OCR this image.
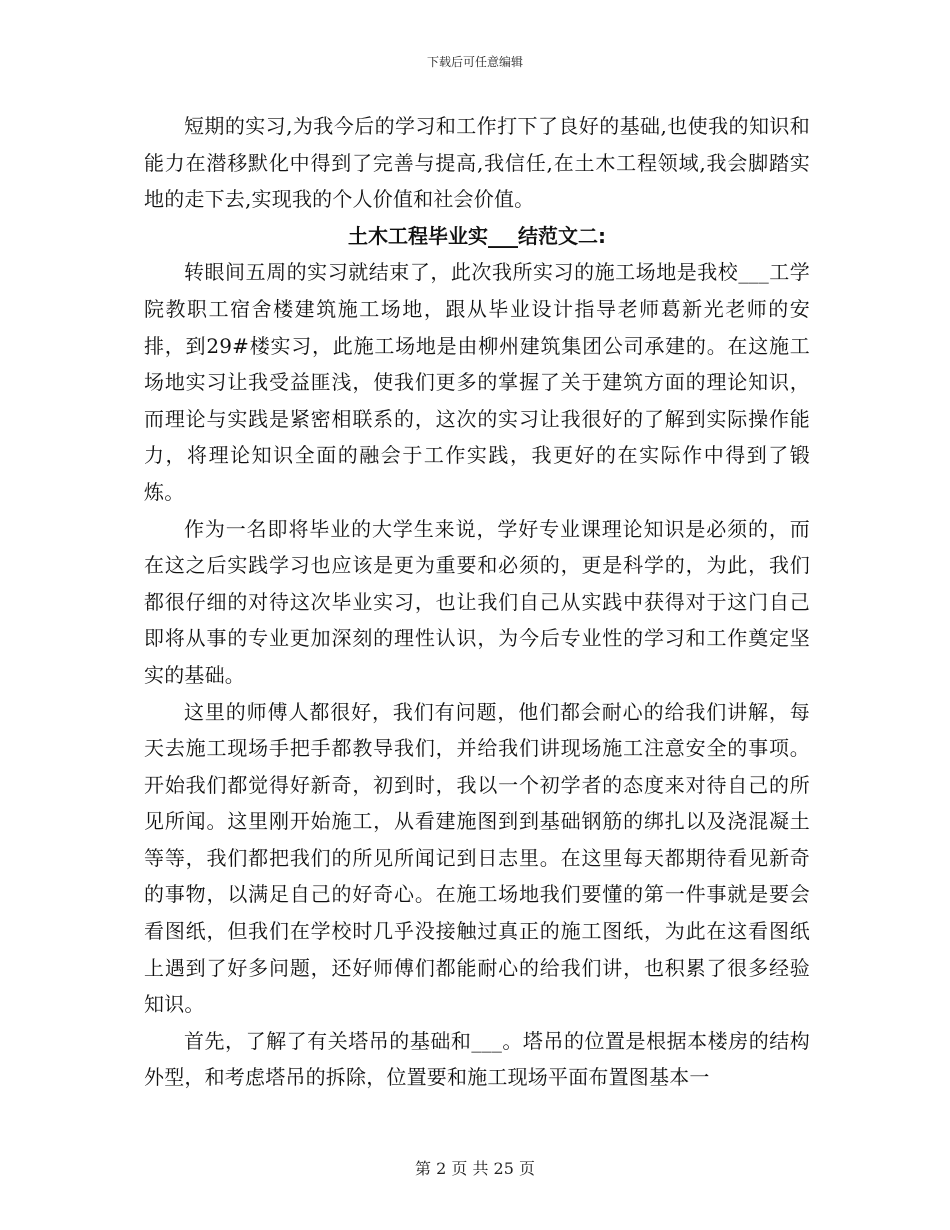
下载后可任意编辑

短期的实习,为我今后的学习和工作打下了良好的基础,也使我的知识和能力在潜移默化中得到了完善与提高,我信任,在土木工程领域,我会脚踏实地的走下去,实现我的个人价值和社会价值。

土木工程毕业实___结范文二:

转眼间五周的实习就结束了，此次我所实习的施工场地是我校___工学院教职工宿舍楼建筑施工场地，跟从毕业设计指导老师葛新光老师的安排，到29#楼实习，此施工场地是由柳州建筑集团公司承建的。在这施工场地实习让我受益匪浅，使我们更多的掌握了关于建筑方面的理论知识，而理论与实践是紧密相联系的，这次的实习让我很好的了解到实际操作能力，将理论知识全面的融会于工作实践，我更好的在实际作中得到了锻炼。

作为一名即将毕业的大学生来说，学好专业课理论知识是必须的，而在这之后实践学习也应该是更为重要和必须的，更是科学的，为此，我们都很仔细的对待这次毕业实习，也让我们自己从实践中获得对于这门自己即将从事的专业更加深刻的理性认识，为今后专业性的学习和工作奠定坚实的基础。

这里的师傅人都很好，我们有问题，他们都会耐心的给我们讲解，每天去施工现场手把手都教导我们，并给我们讲现场施工注意安全的事项。开始我们都觉得好新奇，初到时，我以一个初学者的态度来对待自己的所见所闻。这里刚开始施工，从看建施图到到基础钢筋的绑扎以及浇混凝土等等，我们都把我们的所见所闻记到日志里。在这里每天都期待看见新奇的事物，以满足自己的好奇心。在施工场地我们要懂的第一件事就是要会看图纸，但我们在学校时几乎没接触过真正的施工图纸，为此在这看图纸上遇到了好多问题，还好师傅们都能耐心的给我们讲，也积累了很多经验知识。

首先，了解了有关塔吊的基础和___。塔吊的位置是根据本楼房的结构外型，和考虑塔吊的拆除，位置要和施工现场平面布置图基本一

第 2 页 共 25 页
